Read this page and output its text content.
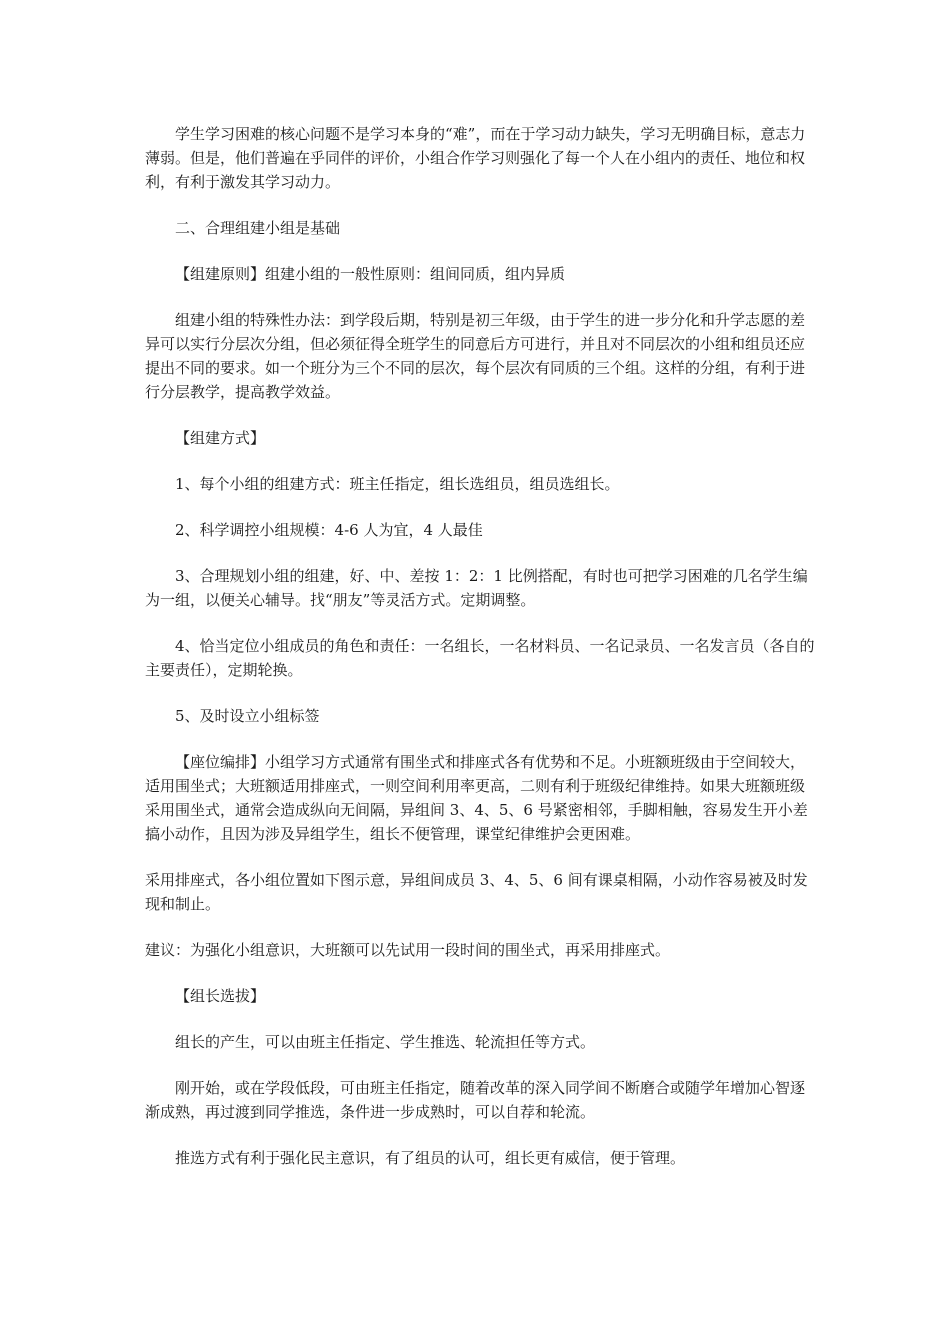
学生学习困难的核心问题不是学习本身的“难”，而在于学习动力缺失，学习无明确目标，意志力薄弱。但是，他们普遍在乎同伴的评价，小组合作学习则强化了每一个人在小组内的责任、地位和权利，有利于激发其学习动力。

二、合理组建小组是基础

【组建原则】组建小组的一般性原则：组间同质，组内异质

组建小组的特殊性办法：到学段后期，特别是初三年级，由于学生的进一步分化和升学志愿的差异可以实行分层次分组，但必须征得全班学生的同意后方可进行，并且对不同层次的小组和组员还应提出不同的要求。如一个班分为三个不同的层次，每个层次有同质的三个组。这样的分组，有利于进行分层教学，提高教学效益。

【组建方式】

1、每个小组的组建方式：班主任指定，组长选组员，组员选组长。

2、科学调控小组规模：4-6 人为宜，4 人最佳

3、合理规划小组的组建，好、中、差按 1：2：1 比例搭配，有时也可把学习困难的几名学生编为一组，以便关心辅导。找“朋友”等灵活方式。定期调整。

4、恰当定位小组成员的角色和责任：一名组长，一名材料员、一名记录员、一名发言员（各自的主要责任），定期轮换。

5、及时设立小组标签

【座位编排】小组学习方式通常有围坐式和排座式各有优势和不足。小班额班级由于空间较大，适用围坐式；大班额适用排座式，一则空间利用率更高，二则有利于班级纪律维持。如果大班额班级采用围坐式，通常会造成纵向无间隔，异组间 3、4、5、6 号紧密相邻，手脚相触，容易发生开小差搞小动作，且因为涉及异组学生，组长不便管理，课堂纪律维护会更困难。

采用排座式，各小组位置如下图示意，异组间成员 3、4、5、6 间有课桌相隔，小动作容易被及时发现和制止。

建议：为强化小组意识，大班额可以先试用一段时间的围坐式，再采用排座式。

【组长选拔】

组长的产生，可以由班主任指定、学生推选、轮流担任等方式。

刚开始，或在学段低段，可由班主任指定，随着改革的深入同学间不断磨合或随学年增加心智逐渐成熟，再过渡到同学推选，条件进一步成熟时，可以自荐和轮流。

推选方式有利于强化民主意识，有了组员的认可，组长更有威信，便于管理。
